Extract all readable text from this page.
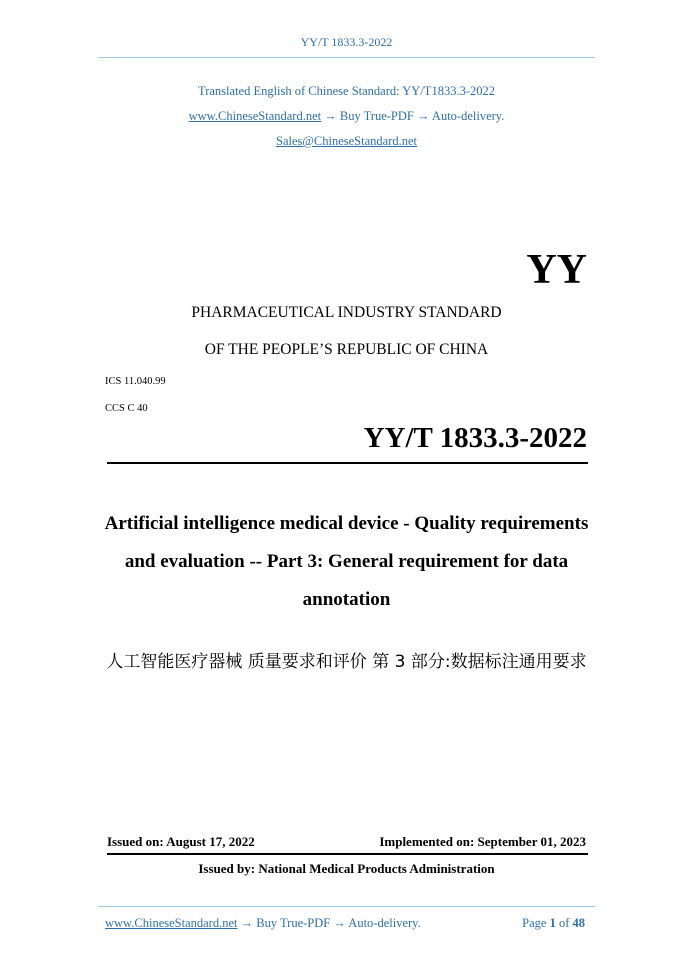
YY/T 1833.3-2022
Translated English of Chinese Standard: YY/T1833.3-2022
www.ChineseStandard.net → Buy True-PDF → Auto-delivery.
Sales@ChineseStandard.net
YY
PHARMACEUTICAL INDUSTRY STANDARD
OF THE PEOPLE’S REPUBLIC OF CHINA
ICS 11.040.99
CCS C 40
YY/T 1833.3-2022
Artificial intelligence medical device - Quality requirements
and evaluation -- Part 3: General requirement for data
annotation
人工智能医疗器械 质量要求和评价 第 3 部分:数据标注通用要求
Issued on: August 17, 2022	Implemented on: September 01, 2023
Issued by: National Medical Products Administration
www.ChineseStandard.net → Buy True-PDF → Auto-delivery.	Page 1 of 48
